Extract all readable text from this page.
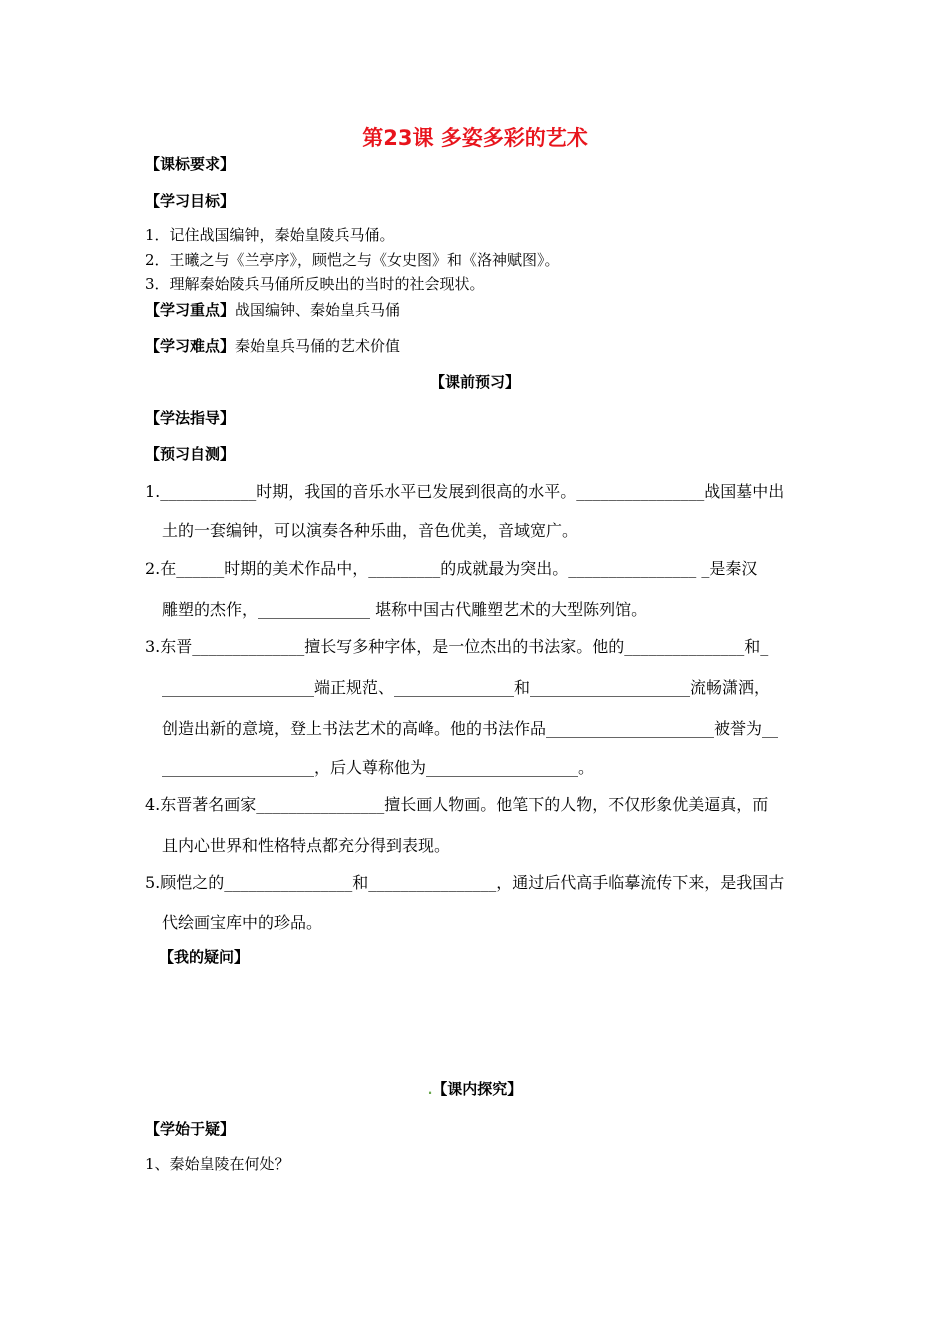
第23课 多姿多彩的艺术
【课标要求】
【学习目标】
1．记住战国编钟，秦始皇陵兵马俑。
2．王曦之与《兰亭序》，顾恺之与《女史图》和《洛神赋图》。
3．理解秦始陵兵马俑所反映出的当时的社会现状。
【学习重点】战国编钟、秦始皇兵马俑
【学习难点】秦始皇兵马俑的艺术价值
【课前预习】
【学法指导】
【预习自测】
1.____________时期，我国的音乐水平已发展到很高的水平。________________战国墓中出
土的一套编钟，可以演奏各种乐曲，音色优美，音域宽广。
2.在______时期的美术作品中，_________的成就最为突出。________________ _是秦汉
雕塑的杰作，______________ 堪称中国古代雕塑艺术的大型陈列馆。
3.东晋______________擅长写多种字体，是一位杰出的书法家。他的_______________和_
___________________端正规范、_______________和____________________流畅潇洒，
创造出新的意境，登上书法艺术的高峰。他的书法作品_____________________被誉为__
___________________，后人尊称他为___________________。
4.东晋著名画家________________擅长画人物画。他笔下的人物，不仅形象优美逼真，而
且内心世界和性格特点都充分得到表现。
5.顾恺之的________________和________________，通过后代高手临摹流传下来，是我国古
代绘画宝库中的珍品。
【我的疑问】
.【课内探究】
【学始于疑】
1、秦始皇陵在何处？
